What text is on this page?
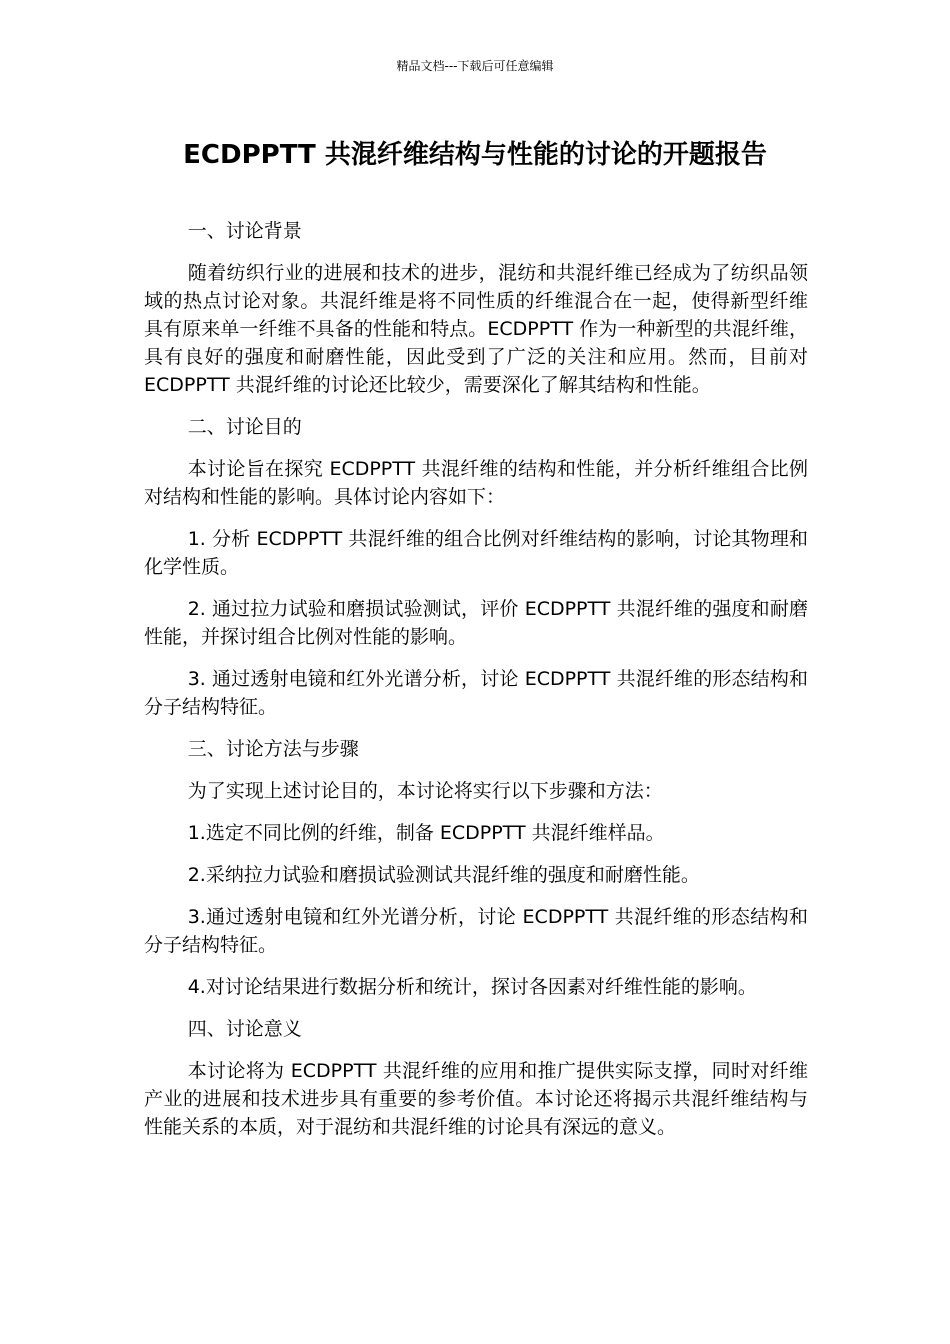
精品文档---下载后可任意编辑
ECDPPTT 共混纤维结构与性能的讨论的开题报告

一、讨论背景

随着纺织行业的进展和技术的进步，混纺和共混纤维已经成为了纺织品领域的热点讨论对象。共混纤维是将不同性质的纤维混合在一起，使得新型纤维具有原来单一纤维不具备的性能和特点。ECDPPTT 作为一种新型的共混纤维，具有良好的强度和耐磨性能，因此受到了广泛的关注和应用。然而，目前对 ECDPPTT 共混纤维的讨论还比较少，需要深化了解其结构和性能。

二、讨论目的

本讨论旨在探究 ECDPPTT 共混纤维的结构和性能，并分析纤维组合比例对结构和性能的影响。具体讨论内容如下：

1. 分析 ECDPPTT 共混纤维的组合比例对纤维结构的影响，讨论其物理和化学性质。

2. 通过拉力试验和磨损试验测试，评价 ECDPPTT 共混纤维的强度和耐磨性能，并探讨组合比例对性能的影响。

3. 通过透射电镜和红外光谱分析，讨论 ECDPPTT 共混纤维的形态结构和分子结构特征。

三、讨论方法与步骤

为了实现上述讨论目的，本讨论将实行以下步骤和方法：

1.选定不同比例的纤维，制备 ECDPPTT 共混纤维样品。

2.采纳拉力试验和磨损试验测试共混纤维的强度和耐磨性能。

3.通过透射电镜和红外光谱分析，讨论 ECDPPTT 共混纤维的形态结构和分子结构特征。

4.对讨论结果进行数据分析和统计，探讨各因素对纤维性能的影响。

四、讨论意义

本讨论将为 ECDPPTT 共混纤维的应用和推广提供实际支撑，同时对纤维产业的进展和技术进步具有重要的参考价值。本讨论还将揭示共混纤维结构与性能关系的本质，对于混纺和共混纤维的讨论具有深远的意义。
